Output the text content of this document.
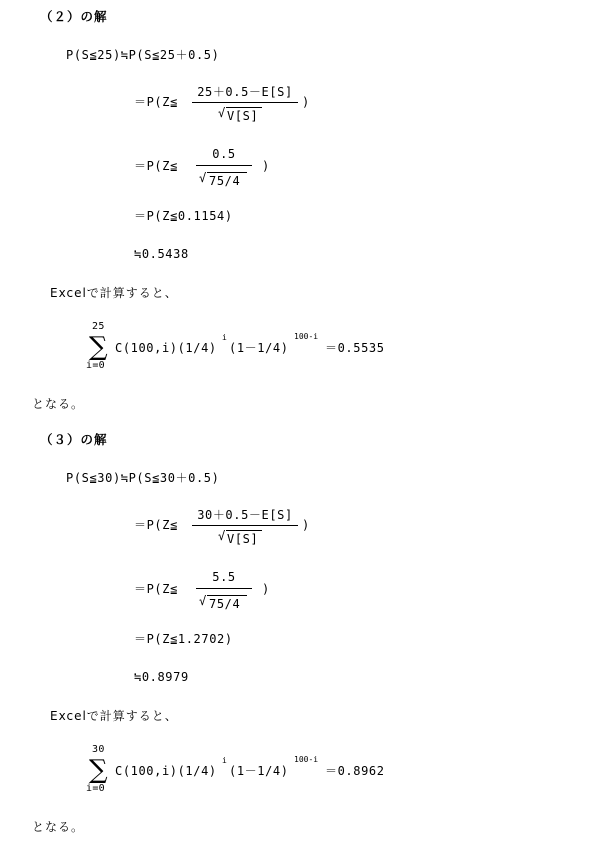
（２）の解
P(S≦25)≒P(S≦25＋0.5)
＝P(Z≦
25＋0.5－E[S]
√ V[S]
)
＝P(Z≦
0.5
√ 75/4
)
＝P(Z≦0.1154)
≒0.5438
Excelで計算すると、
25
∑
i=0
C(100,i)(1/4)
i
(1－1/4)
100-i
＝0.5535
となる。
（３）の解
P(S≦30)≒P(S≦30＋0.5)
＝P(Z≦
30＋0.5－E[S]
√ V[S]
)
＝P(Z≦
5.5
√ 75/4
)
＝P(Z≦1.2702)
≒0.8979
Excelで計算すると、
30
∑
i=0
C(100,i)(1/4)
i
(1－1/4)
100-i
＝0.8962
となる。
